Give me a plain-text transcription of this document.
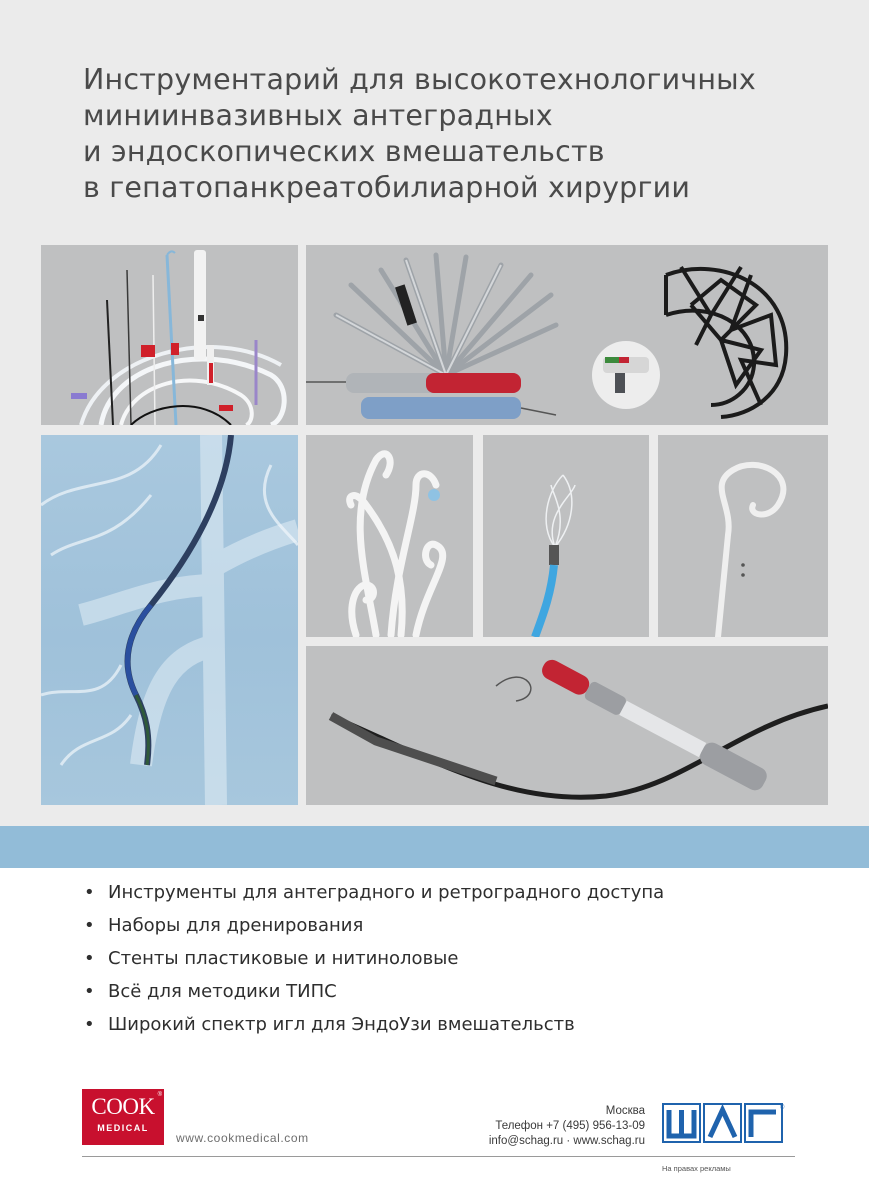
Инструментарий для высокотехнологичных
миниинвазивных антеградных
и эндоскопических вмешательств
в гепатопанкреатобилиарной хирургии
• Инструменты для антеградного и ретроградного доступа
• Наборы для дренирования
• Стенты пластиковые и нитиноловые
• Всё для методики ТИПС
• Широкий спектр игл для ЭндоУзи вмешательств
®
COOK
MEDICAL
www.cookmedical.com
Москва
Телефон +7 (495) 956-13-09
info@schag.ru · www.schag.ru
®
На правах рекламы
